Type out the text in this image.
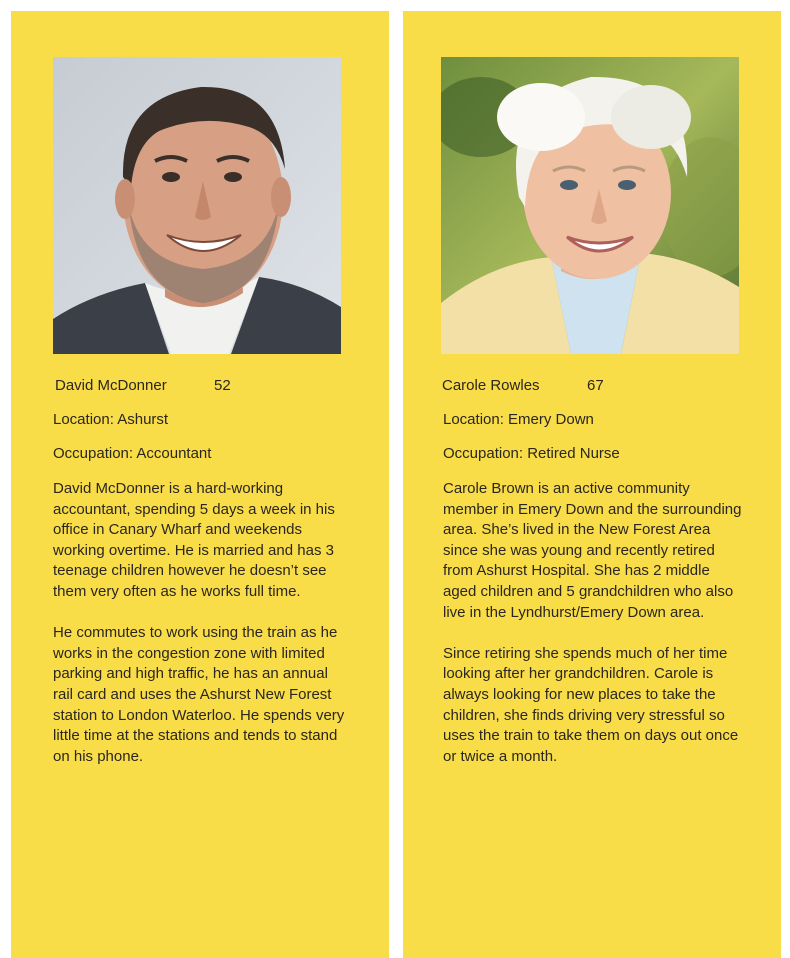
David McDonner	52
Location: Ashurst
Occupation: Accountant

David McDonner is a hard-working accountant, spending 5 days a week in his office in Canary Wharf and weekends working overtime. He is married and has 3 teenage children however he doesn’t see them very often as he works full time.

He commutes to work using the train as he works in the congestion zone with limited parking and high traffic, he has an annual rail card and uses the Ashurst New Forest station to London Waterloo. He spends very little time at the stations and tends to stand on his phone.

Carole Rowles	67
Location: Emery Down
Occupation: Retired Nurse

Carole Brown is an active community member in Emery Down and the surrounding area. She’s lived in the New Forest Area since she was young and recently retired from Ashurst Hospital. She has 2 middle aged children and 5 grandchildren who also live in the Lyndhurst/Emery Down area.

Since retiring she spends much of her time looking after her grandchildren. Carole is always looking for new places to take the children, she finds driving very stressful so uses the train to take them on days out once or twice a month.
